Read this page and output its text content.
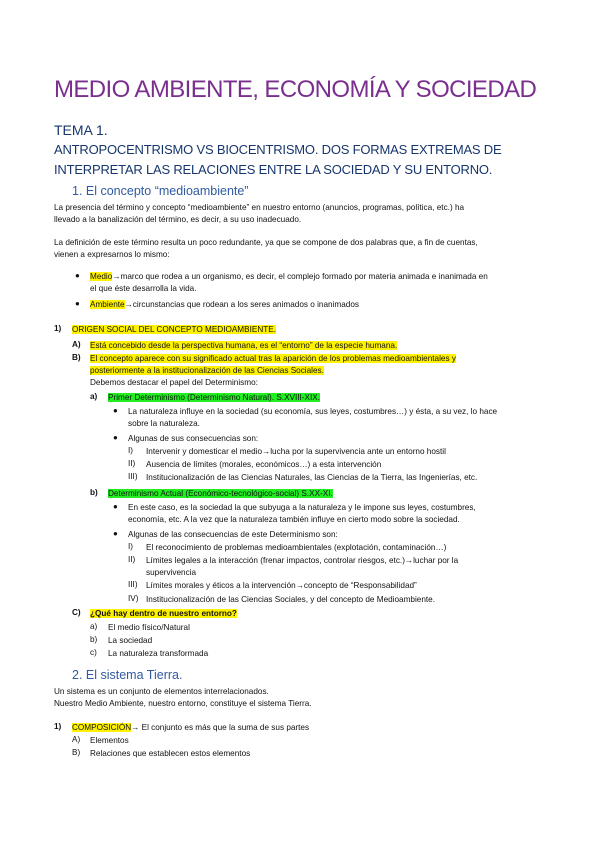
MEDIO AMBIENTE, ECONOMÍA Y SOCIEDAD
TEMA 1.
ANTROPOCENTRISMO VS BIOCENTRISMO. DOS FORMAS EXTREMAS DE
INTERPRETAR LAS RELACIONES ENTRE LA SOCIEDAD Y SU ENTORNO.
1. El concepto “medioambiente”
La presencia del término y concepto “medioambiente” en nuestro entorno (anuncios, programas, política, etc.) ha
llevado a la banalización del término, es decir, a su uso inadecuado.
La definición de este término resulta un poco redundante, ya que se compone de dos palabras que, a fin de cuentas,
vienen a expresarnos lo mismo:
● Medio→marco que rodea a un organismo, es decir, el complejo formado por materia animada e inanimada en
el que éste desarrolla la vida.
● Ambiente→circunstancias que rodean a los seres animados o inanimados
1) ORIGEN SOCIAL DEL CONCEPTO MEDIOAMBIENTE.
A) Está concebido desde la perspectiva humana, es el “entorno” de la especie humana.
B) El concepto aparece con su significado actual tras la aparición de los problemas medioambientales y
posteriormente a la institucionalización de las Ciencias Sociales.
Debemos destacar el papel del Determinismo:
a) Primer Determinismo (Determinismo Natural). S.XVIII-XIX.
● La naturaleza influye en la sociedad (su economía, sus leyes, costumbres…) y ésta, a su vez, lo hace
sobre la naturaleza.
● Algunas de sus consecuencias son:
I) Intervenir y domesticar el medio→lucha por la supervivencia ante un entorno hostil
II) Ausencia de límites (morales, económicos…) a esta intervención
III) Institucionalización de las Ciencias Naturales, las Ciencias de la Tierra, las Ingenierías, etc.
b) Determinismo Actual (Económico-tecnológico-social) S.XX-XI.
● En este caso, es la sociedad la que subyuga a la naturaleza y le impone sus leyes, costumbres,
economía, etc. A la vez que la naturaleza también influye en cierto modo sobre la sociedad.
● Algunas de las consecuencias de este Determinismo son:
I) El reconocimiento de problemas medioambientales (explotación, contaminación…)
II) Límites legales a la interacción (frenar impactos, controlar riesgos, etc.)→luchar por la
supervivencia
III) Límites morales y éticos a la intervención→concepto de “Responsabilidad”
IV) Institucionalización de las Ciencias Sociales, y del concepto de Medioambiente.
C) ¿Qué hay dentro de nuestro entorno?
a) El medio físico/Natural
b) La sociedad
c) La naturaleza transformada
2. El sistema Tierra.
Un sistema es un conjunto de elementos interrelacionados.
Nuestro Medio Ambiente, nuestro entorno, constituye el sistema Tierra.
1) COMPOSICIÓN→ El conjunto es más que la suma de sus partes
A) Elementos
B) Relaciones que establecen estos elementos
